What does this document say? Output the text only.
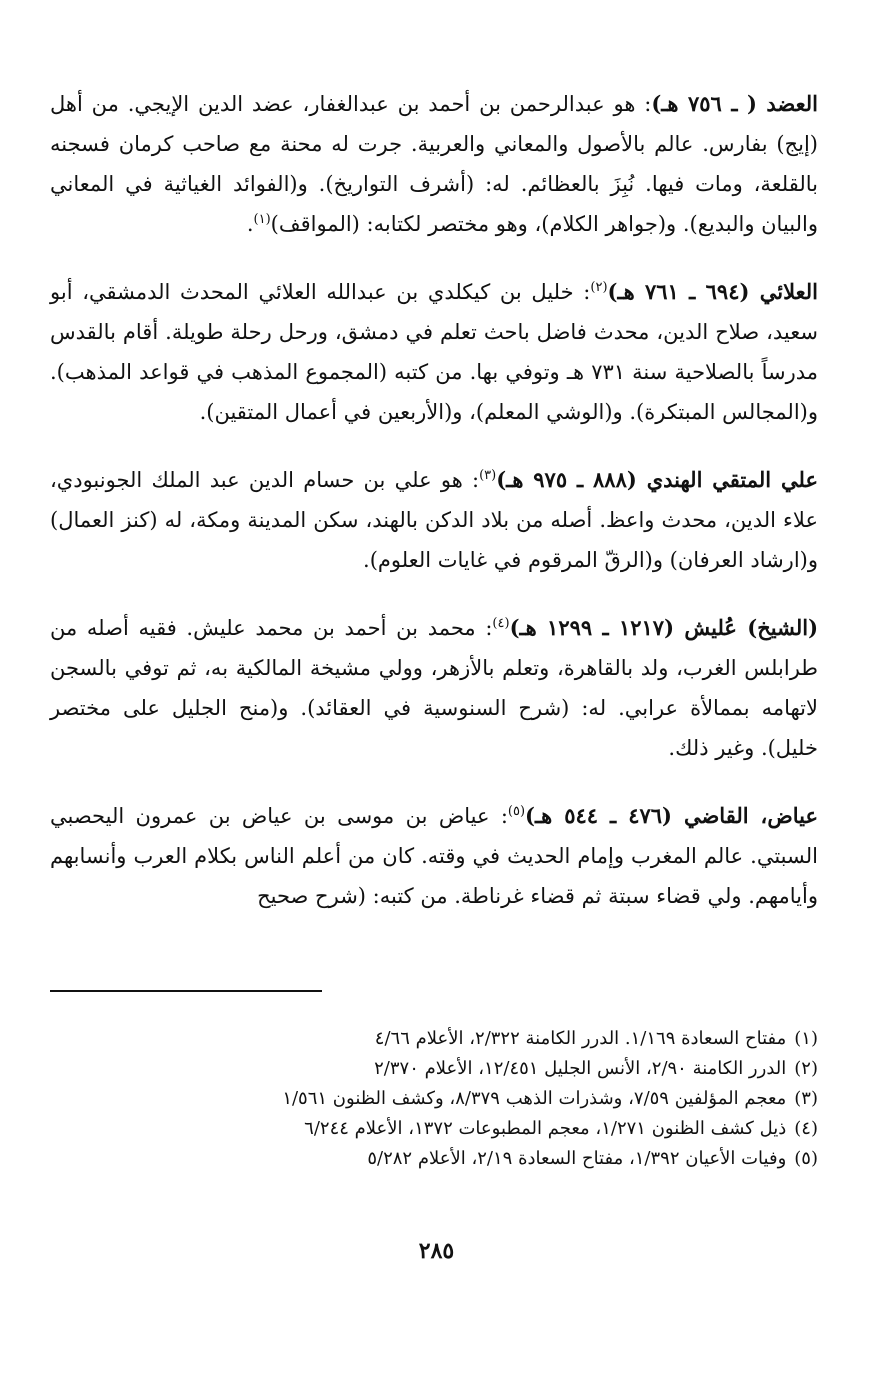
العضد ( ـ ٧٥٦ هـ): هو عبدالرحمن بن أحمد بن عبدالغفار، عضد الدين الإيجي. من أهل (إيج) بفارس. عالم بالأصول والمعاني والعربية. جرت له محنة مع صاحب كرمان فسجنه بالقلعة، ومات فيها. نُبِزَ بالعظائم. له: (أشرف التواريخ). و(الفوائد الغياثية في المعاني والبيان والبديع). و(جواهر الكلام)، وهو مختصر لكتابه: (المواقف)$^{(١)}$.

العلائي (٦٩٤ ـ ٧٦١ هـ)$^{(٢)}$: خليل بن كيكلدي بن عبدالله العلائي المحدث الدمشقي، أبو سعيد، صلاح الدين، محدث فاضل باحث تعلم في دمشق، ورحل رحلة طويلة. أقام بالقدس مدرساً بالصلاحية سنة ٧٣١ هـ وتوفي بها. من كتبه (المجموع المذهب في قواعد المذهب). و(المجالس المبتكرة). و(الوشي المعلم)، و(الأربعين في أعمال المتقين).

علي المتقي الهندي (٨٨٨ ـ ٩٧٥ هـ)$^{(٣)}$: هو علي بن حسام الدين عبد الملك الجونبودي، علاء الدين، محدث واعظ. أصله من بلاد الدكن بالهند، سكن المدينة ومكة، له (كنز العمال) و(ارشاد العرفان) و(الرقّ المرقوم في غايات العلوم).

(الشيخ) عُليش (١٢١٧ ـ ١٢٩٩ هـ)$^{(٤)}$: محمد بن أحمد بن محمد عليش. فقيه أصله من طرابلس الغرب، ولد بالقاهرة، وتعلم بالأزهر، وولي مشيخة المالكية به، ثم توفي بالسجن لاتهامه بممالأة عرابي. له: (شرح السنوسية في العقائد). و(منح الجليل على مختصر خليل). وغير ذلك.

عياض، القاضي (٤٧٦ ـ ٥٤٤ هـ)$^{(٥)}$: عياض بن موسى بن عياض بن عمرون اليحصبي السبتي. عالم المغرب وإمام الحديث في وقته. كان من أعلم الناس بكلام العرب وأنسابهم وأيامهم. ولي قضاء سبتة ثم قضاء غرناطة. من كتبه: (شرح صحيح

(١)مفتاح السعادة ١/١٦٩. الدرر الكامنة ٢/٣٢٢، الأعلام ٤/٦٦
(٢)الدرر الكامنة ٢/٩٠، الأنس الجليل ١٢/٤٥١، الأعلام ٢/٣٧٠
(٣)معجم المؤلفين ٧/٥٩، وشذرات الذهب ٨/٣٧٩، وكشف الظنون ١/٥٦١
(٤)ذيل كشف الظنون ١/٢٧١، معجم المطبوعات ١٣٧٢، الأعلام ٦/٢٤٤
(٥)وفيات الأعيان ١/٣٩٢، مفتاح السعادة ٢/١٩، الأعلام ٥/٢٨٢
٢٨٥
